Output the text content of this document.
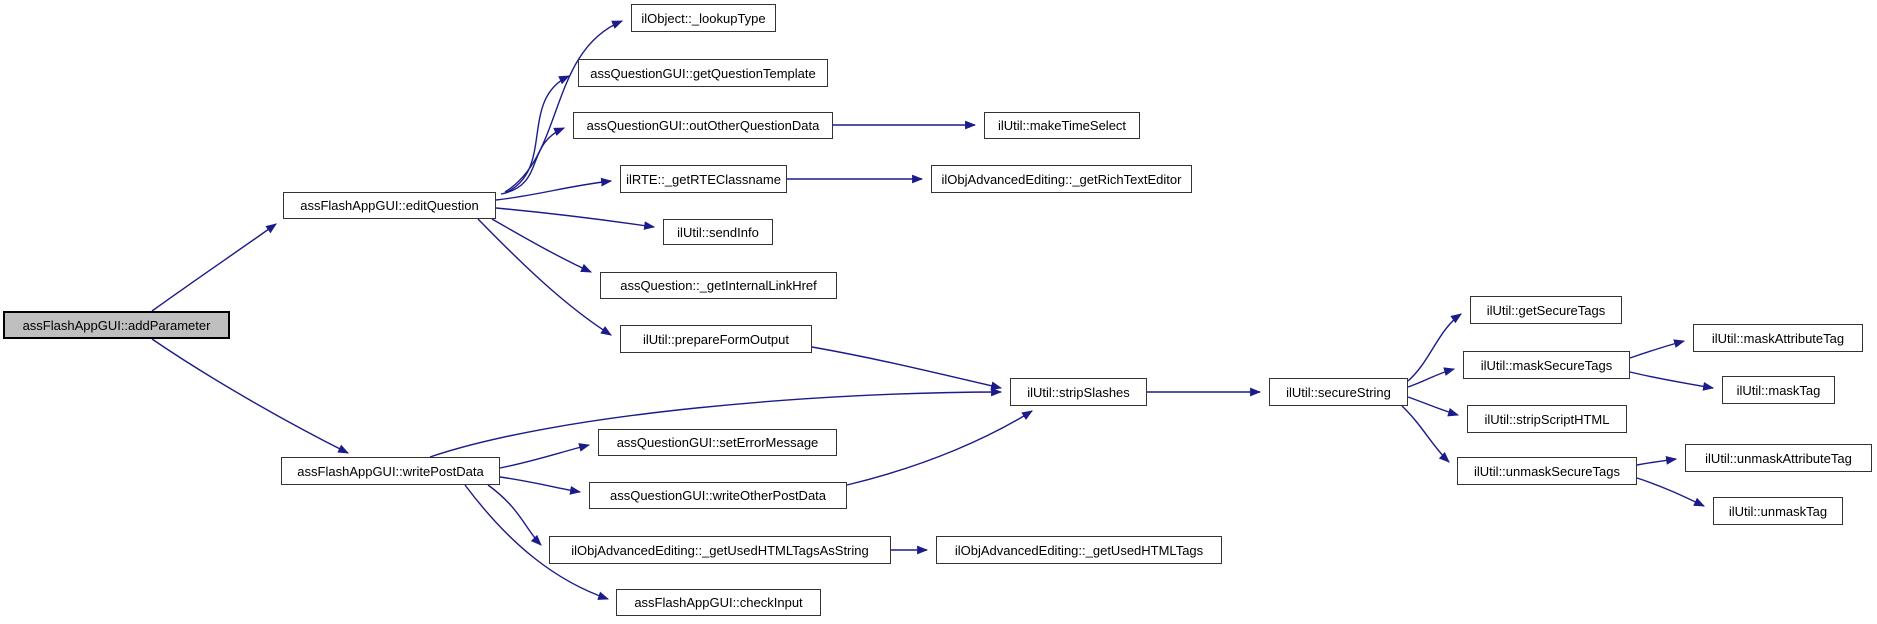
assFlashAppGUI::addParameter
assFlashAppGUI::editQuestion
assFlashAppGUI::writePostData
ilObject::_lookupType
assQuestionGUI::getQuestionTemplate
assQuestionGUI::outOtherQuestionData	ilUtil::makeTimeSelect
ilRTE::_getRTEClassname	ilObjAdvancedEditing::_getRichTextEditor
ilUtil::sendInfo
assQuestion::_getInternalLinkHref
ilUtil::prepareFormOutput
ilUtil::stripSlashes	ilUtil::secureString
ilUtil::getSecureTags
ilUtil::maskSecureTags
ilUtil::stripScriptHTML
ilUtil::unmaskSecureTags
ilUtil::maskAttributeTag
ilUtil::maskTag
ilUtil::unmaskAttributeTag
ilUtil::unmaskTag
assQuestionGUI::setErrorMessage
assQuestionGUI::writeOtherPostData
ilObjAdvancedEditing::_getUsedHTMLTagsAsString	ilObjAdvancedEditing::_getUsedHTMLTags
assFlashAppGUI::checkInput
